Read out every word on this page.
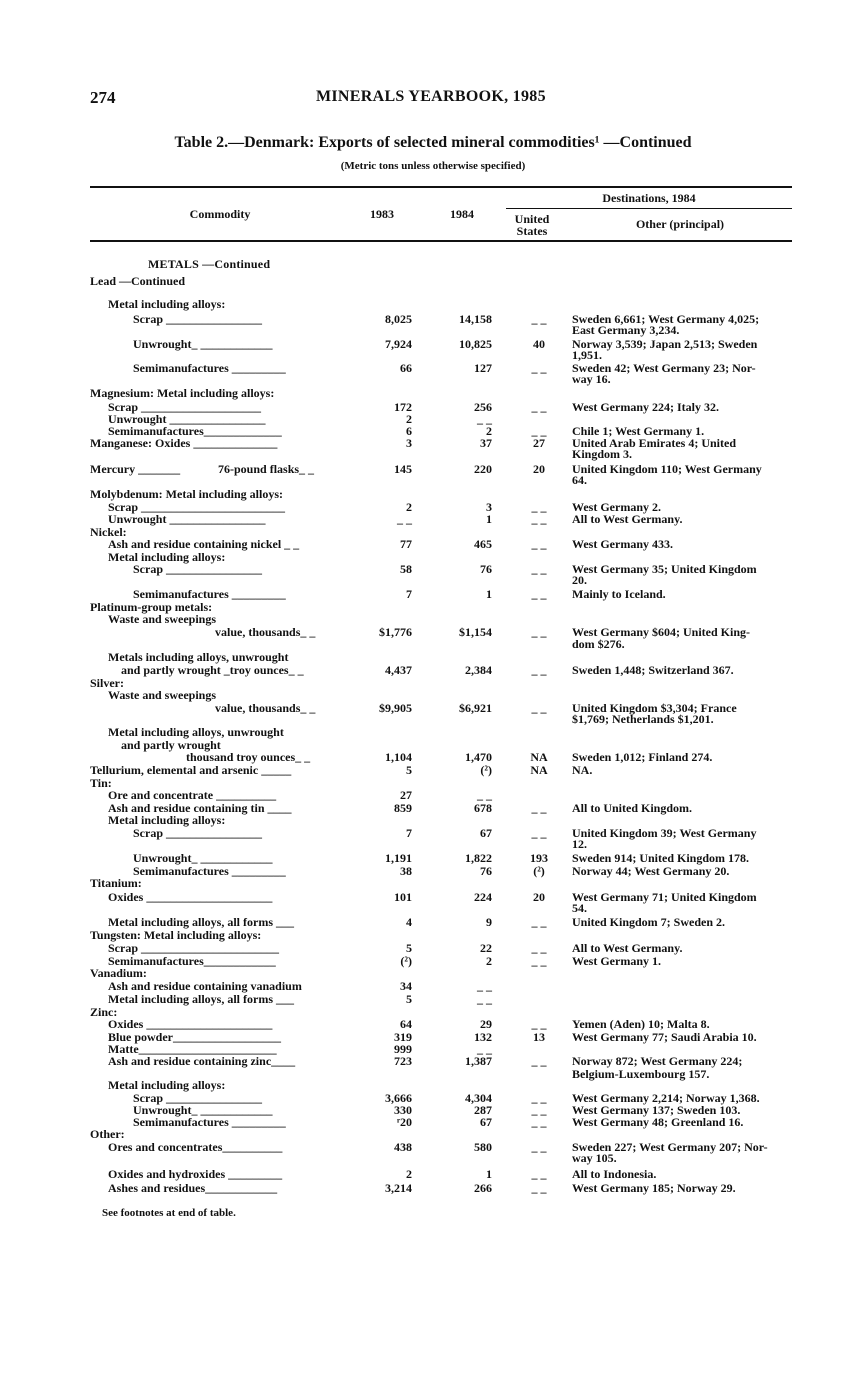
274	MINERALS YEARBOOK, 1985
Table 2.—Denmark: Exports of selected mineral commodities¹ —Continued
(Metric tons unless otherwise specified)
Destinations, 1984
Commodity	1983	1984	United
States	Other (principal)
METALS —Continued
Lead —Continued
Metal including alloys:
Scrap ________________	8,025	14,158	_ _	Sweden 6,661; West Germany 4,025;
East Germany 3,234.
Unwrought_ ____________	7,924	10,825	40	Norway 3,539; Japan 2,513; Sweden
1,951.
Semimanufactures _________	66	127	_ _	Sweden 42; West Germany 23; Nor-
way 16.
Magnesium: Metal including alloys:
Scrap ____________________	172	256	_ _	West Germany 224; Italy 32.
Unwrought ________________	2	_ _
Semimanufactures_____________	6	2	_ _	Chile 1; West Germany 1.
Manganese: Oxides ______________	3	37	27	United Arab Emirates 4; United
Kingdom 3.
Mercury _______	76-pound flasks_ _	145	220	20	United Kingdom 110; West Germany
64.
Molybdenum: Metal including alloys:
Scrap ________________________	2	3	_ _	West Germany 2.
Unwrought ________________	_ _	1	_ _	All to West Germany.
Nickel:
Ash and residue containing nickel _ _	77	465	_ _	West Germany 433.
Metal including alloys:
Scrap ________________	58	76	_ _	West Germany 35; United Kingdom
20.
Semimanufactures _________	7	1	_ _	Mainly to Iceland.
Platinum-group metals:
Waste and sweepings
value, thousands_ _	$1,776	$1,154	_ _	West Germany $604; United King-
dom $276.
Metals including alloys, unwrought
and partly wrought _troy ounces_ _	4,437	2,384	_ _	Sweden 1,448; Switzerland 367.
Silver:
Waste and sweepings
value, thousands_ _	$9,905	$6,921	_ _	United Kingdom $3,304; France
$1,769; Netherlands $1,201.
Metal including alloys, unwrought
and partly wrought
thousand troy ounces_ _	1,104	1,470	NA	Sweden 1,012; Finland 274.
Tellurium, elemental and arsenic _____	5	(²)	NA	NA.
Tin:
Ore and concentrate __________	27	_ _
Ash and residue containing tin ____	859	678	_ _	All to United Kingdom.
Metal including alloys:
Scrap ________________	7	67	_ _	United Kingdom 39; West Germany
12.
Unwrought_ ____________	1,191	1,822	193	Sweden 914; United Kingdom 178.
Semimanufactures _________	38	76	(²)	Norway 44; West Germany 20.
Titanium:
Oxides _____________________	101	224	20	West Germany 71; United Kingdom
54.
Metal including alloys, all forms ___	4	9	_ _	United Kingdom 7; Sweden 2.
Tungsten: Metal including alloys:
Scrap _______________________	5	22	_ _	All to West Germany.
Semimanufactures____________	(²)	2	_ _	West Germany 1.
Vanadium:
Ash and residue containing vanadium	34	_ _
Metal including alloys, all forms ___	5	_ _
Zinc:
Oxides _____________________	64	29	_ _	Yemen (Aden) 10; Malta 8.
Blue powder__________________	319	132	13	West Germany 77; Saudi Arabia 10.
Matte_______________________	999	_ _
Ash and residue containing zinc____	723	1,387	_ _	Norway 872; West Germany 224;
Belgium-Luxembourg 157.
Metal including alloys:
Scrap ________________	3,666	4,304	_ _	West Germany 2,214; Norway 1,368.
Unwrought_ ____________	330	287	_ _	West Germany 137; Sweden 103.
Semimanufactures _________	ʳ20	67	_ _	West Germany 48; Greenland 16.
Other:
Ores and concentrates__________	438	580	_ _	Sweden 227; West Germany 207; Nor-
way 105.
Oxides and hydroxides _________	2	1	_ _	All to Indonesia.
Ashes and residues____________	3,214	266	_ _	West Germany 185; Norway 29.
See footnotes at end of table.
